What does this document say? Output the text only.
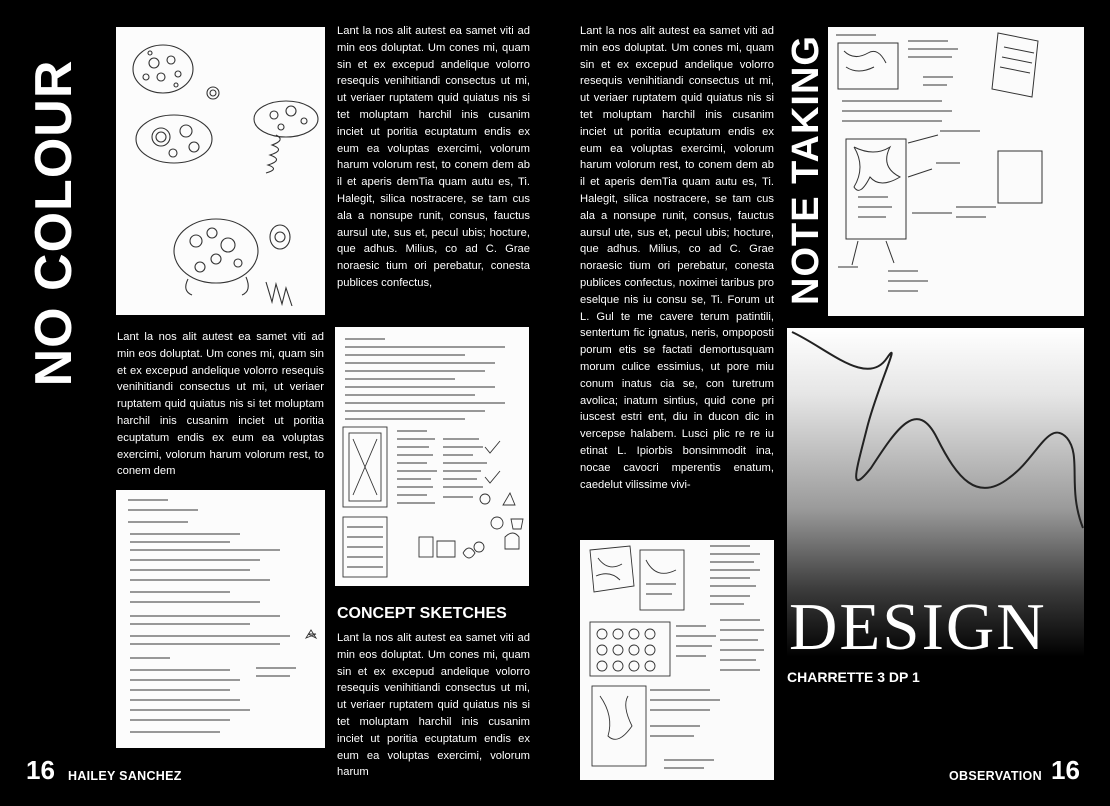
NO COLOUR	NOTE TAKING
Lant la nos alit autest ea samet viti ad min eos doluptat. Um cones mi, quam sin et ex excepud andelique volorro resequis venihitiandi consectus ut mi, ut veriaer ruptatem quid quiatus nis si tet moluptam harchil inis cusanim inciet ut poritia ecuptatum endis ex eum ea voluptas exercimi, volorum harum volorum rest, to conem dem ab il et aperis demTia quam autu es, Ti. Halegit, silica nostracere, se tam cus ala a nonsupe runit, consus, fauctus aursul ute, sus et, pecul ubis; hocture, que adhus. Milius, co ad C. Grae noraesic tium ori perebatur, conesta publices confectus,
Lant la nos alit autest ea samet viti ad min eos doluptat. Um cones mi, quam sin et ex excepud andelique volorro resequis venihitiandi consectus ut mi, ut veriaer ruptatem quid quiatus nis si tet moluptam harchil inis cusanim inciet ut poritia ecuptatum endis ex eum ea voluptas exercimi, volorum harum volorum rest, to conem dem
CONCEPT SKETCHES
Lant la nos alit autest ea samet viti ad min eos doluptat. Um cones mi, quam sin et ex excepud andelique volorro resequis venihitiandi consectus ut mi, ut veriaer ruptatem quid quiatus nis si tet moluptam harchil inis cusanim inciet ut poritia ecuptatum endis ex eum ea voluptas exercimi, volorum harum
16 HAILEY SANCHEZ
Lant la nos alit autest ea samet viti ad min eos doluptat. Um cones mi, quam sin et ex excepud andelique volorro resequis venihitiandi consectus ut mi, ut veriaer ruptatem quid quiatus nis si tet moluptam harchil inis cusanim inciet ut poritia ecuptatum endis ex eum ea voluptas exercimi, volorum harum volorum rest, to conem dem ab il et aperis demTia quam autu es, Ti. Halegit, silica nostracere, se tam cus ala a nonsupe runit, consus, fauctus aursul ute, sus et, pecul ubis; hocture, que adhus. Milius, co ad C. Grae noraesic tium ori perebatur, conesta publices confectus, noximei taribus pro eselque nis iu consu se, Ti. Forum ut L. Gul te me cavere terum patintili, sentertum fic ignatus, neris, ompoposti porum etis se factati demortusquam morum culice essimius, ut pore miu conum inatus cia se, con turetrum avolica; inatum sintius, quid cone pri iuscest estri ent, diu in ducon dic in vercepse halabem. Lusci plic re re iu etinat L. Ipiorbis bonsimmodit ina, nocae cavocri mperentis enatum, caedelut vilissime vivi-
DESIGN
CHARRETTE 3 DP 1
OBSERVATION 16
